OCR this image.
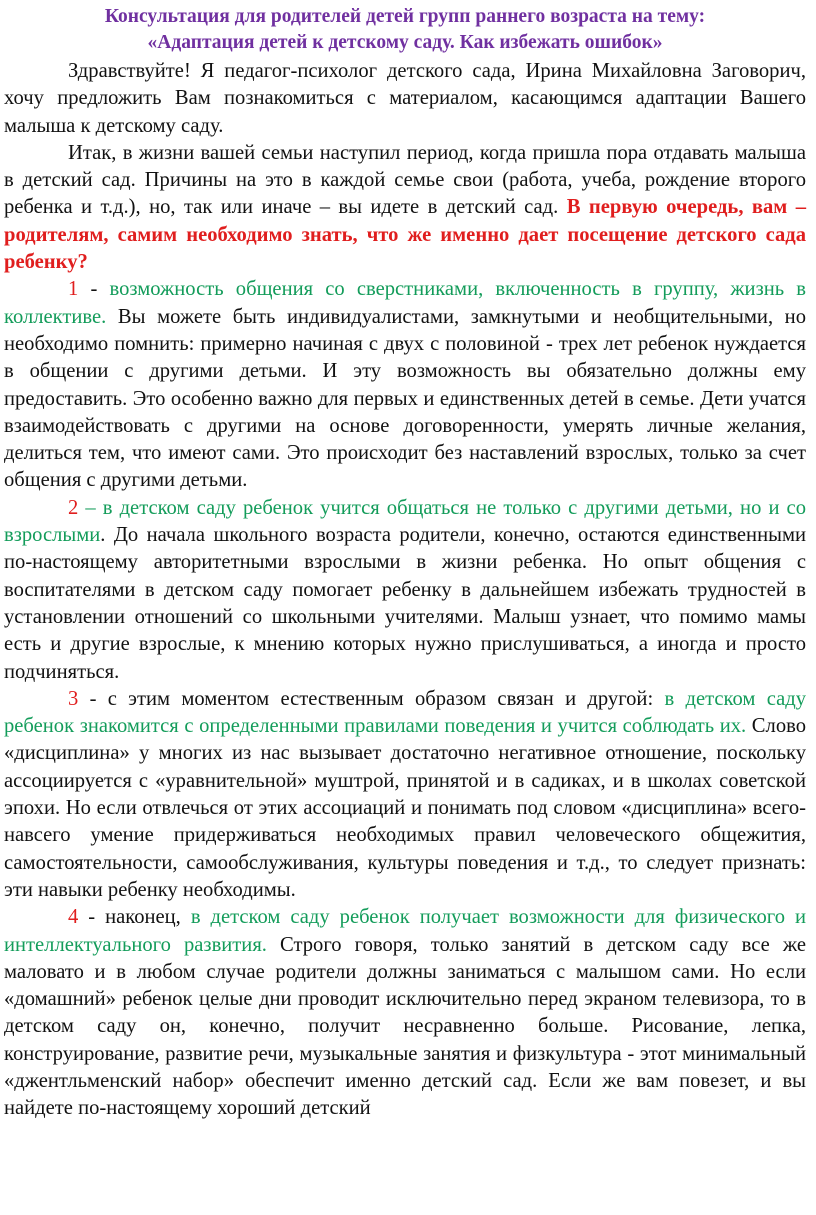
Консультация для родителей детей групп раннего возраста на тему:
«Адаптация детей к детскому саду. Как избежать ошибок»

Здравствуйте! Я педагог-психолог детского сада, Ирина Михайловна Заговорич, хочу предложить Вам познакомиться с материалом, касающимся адаптации Вашего малыша к детскому саду.

Итак, в жизни вашей семьи наступил период, когда пришла пора отдавать малыша в детский сад. Причины на это в каждой семье свои (работа, учеба, рождение второго ребенка и т.д.), но, так или иначе – вы идете в детский сад. В первую очередь, вам – родителям, самим необходимо знать, что же именно дает посещение детского сада ребенку?

1 - возможность общения со сверстниками, включенность в группу, жизнь в коллективе. Вы можете быть индивидуалистами, замкнутыми и необщительными, но необходимо помнить: примерно начиная с двух с половиной - трех лет ребенок нуждается в общении с другими детьми. И эту возможность вы обязательно должны ему предоставить. Это особенно важно для первых и единственных детей в семье. Дети учатся взаимодействовать с другими на основе договоренности, умерять личные желания, делиться тем, что имеют сами. Это происходит без наставлений взрослых, только за счет общения с другими детьми.

2 – в детском саду ребенок учится общаться не только с другими детьми, но и со взрослыми. До начала школьного возраста родители, конечно, остаются единственными по-настоящему авторитетными взрослыми в жизни ребенка. Но опыт общения с воспитателями в детском саду помогает ребенку в дальнейшем избежать трудностей в установлении отношений со школьными учителями. Малыш узнает, что помимо мамы есть и другие взрослые, к мнению которых нужно прислушиваться, а иногда и просто подчиняться.

3 - с этим моментом естественным образом связан и другой: в детском саду ребенок знакомится с определенными правилами поведения и учится соблюдать их. Слово «дисциплина» у многих из нас вызывает достаточно негативное отношение, поскольку ассоциируется с «уравнительной» муштрой, принятой и в садиках, и в школах советской эпохи. Но если отвлечься от этих ассоциаций и понимать под словом «дисциплина» всего-навсего умение придерживаться необходимых правил человеческого общежития, самостоятельности, самообслуживания, культуры поведения и т.д., то следует признать: эти навыки ребенку необходимы.

4 - наконец, в детском саду ребенок получает возможности для физического и интеллектуального развития. Строго говоря, только занятий в детском саду все же маловато и в любом случае родители должны заниматься с малышом сами. Но если «домашний» ребенок целые дни проводит исключительно перед экраном телевизора, то в детском саду он, конечно, получит несравненно больше. Рисование, лепка, конструирование, развитие речи, музыкальные занятия и физкультура - этот минимальный «джентльменский набор» обеспечит именно детский сад. Если же вам повезет, и вы найдете по-настоящему хороший детский
